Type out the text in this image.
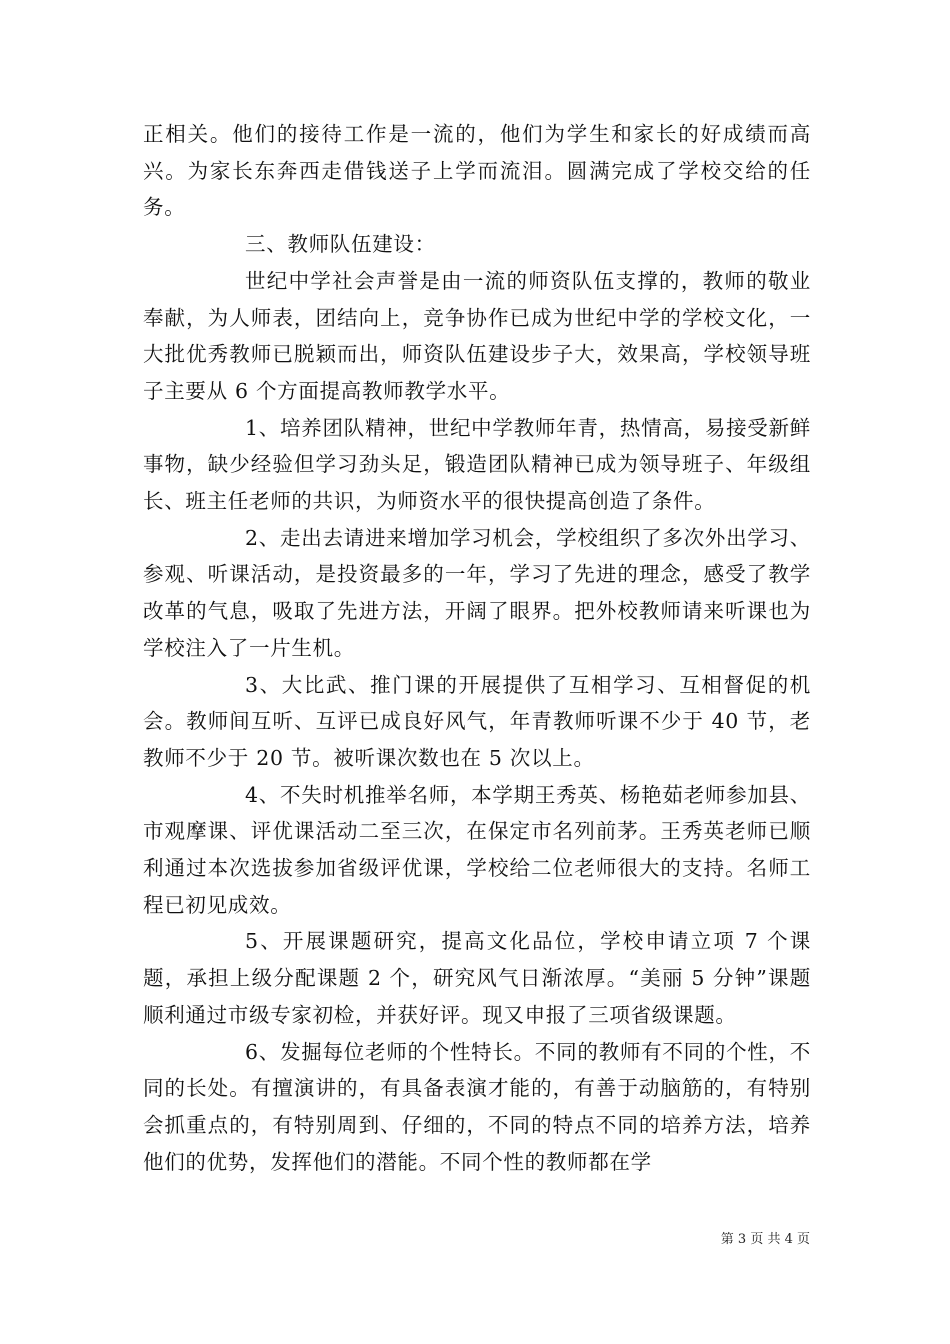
正相关。他们的接待工作是一流的，他们为学生和家长的好成绩而高兴。为家长东奔西走借钱送子上学而流泪。圆满完成了学校交给的任务。

三、教师队伍建设：

世纪中学社会声誉是由一流的师资队伍支撑的，教师的敬业奉献，为人师表，团结向上，竞争协作已成为世纪中学的学校文化，一大批优秀教师已脱颖而出，师资队伍建设步子大，效果高，学校领导班子主要从 6 个方面提高教师教学水平。

1、培养团队精神，世纪中学教师年青，热情高，易接受新鲜事物，缺少经验但学习劲头足，锻造团队精神已成为领导班子、年级组长、班主任老师的共识，为师资水平的很快提高创造了条件。

2、走出去请进来增加学习机会，学校组织了多次外出学习、参观、听课活动，是投资最多的一年，学习了先进的理念，感受了教学改革的气息，吸取了先进方法，开阔了眼界。把外校教师请来听课也为学校注入了一片生机。

3、大比武、推门课的开展提供了互相学习、互相督促的机会。教师间互听、互评已成良好风气，年青教师听课不少于 40 节，老教师不少于 20 节。被听课次数也在 5 次以上。

4、不失时机推举名师，本学期王秀英、杨艳茹老师参加县、市观摩课、评优课活动二至三次，在保定市名列前茅。王秀英老师已顺利通过本次选拔参加省级评优课，学校给二位老师很大的支持。名师工程已初见成效。

5、开展课题研究，提高文化品位，学校申请立项 7 个课题，承担上级分配课题 2 个，研究风气日渐浓厚。“美丽 5 分钟”课题顺利通过市级专家初检，并获好评。现又申报了三项省级课题。

6、发掘每位老师的个性特长。不同的教师有不同的个性，不同的长处。有擅演讲的，有具备表演才能的，有善于动脑筋的，有特别会抓重点的，有特别周到、仔细的，不同的特点不同的培养方法，培养他们的优势，发挥他们的潜能。不同个性的教师都在学

第 3 页 共 4 页
